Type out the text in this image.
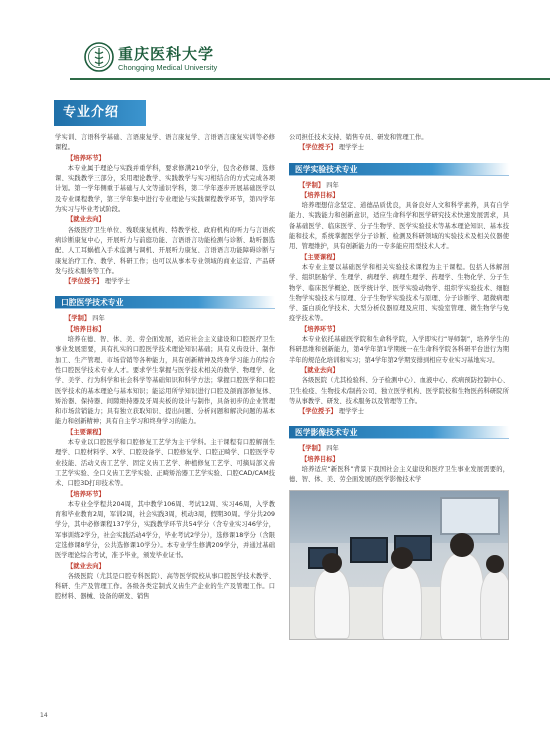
重庆医科大学
Chongqing Medical University
专业介绍

学实训、言语科学基础、言语康复学、语言康复学、言语语言康复实训等必修课程。

【培养环节】

本专业属于理论与实践并重学科，要求修满210学分，包含必修课、选修课、实践教学三部分，采用理论教学、实践教学与实习相结合的方式完成各项计划。第一学年侧重于基础与人文等通识学科，第二学年逐步开展基础医学以及专业课程教学，第三学年集中进行专业理论与实践课程教学环节，第四学年为实习与毕业考试阶段。

【就业去向】

各级医疗卫生单位、残联康复机构、特教学校、政府机构的听力与言语疾病诊断康复中心，开展听力与前庭功能、言语语言功能检测与诊断、助听器选配、人工耳蜗植入手术监测与调机、开展听力康复、言语语言功能障碍诊断与康复治疗工作、教学、科研工作；也可以从事本专业领域的商业运营、产品研发与技术服务等工作。

【学位授予】 理学学士
口腔医学技术专业
【学制】 四年
【培养目标】

培养在德、智、体、美、劳全面发展，适应社会主义建设和口腔医疗卫生事业发展需要，具有扎实的口腔医学技术理论知识基础；具有义齿设计、制作加工、生产管理、市场营销等各种能力，具有创新精神及终身学习能力的综合性口腔医学技术专业人才。要求学生掌握与医学技术相关的数学、物理学、化学、美学、行为科学和社会科学等基础知识和科学方法；掌握口腔医学和口腔医学技术的基本理论与基本知识；能运用所学知识进行口腔及颌面部修复体、矫治器、保持器、间隙维持器及牙周夹板的设计与制作，具备初步的企业管理和市场营销能力；具有独立获取知识、提出问题、分析问题和解决问题的基本能力和创新精神；具有自主学习和终身学习的能力。

【主要课程】

本专业以口腔医学和口腔修复工艺学为主干学科。主干课程有口腔解剖生理学、口腔材料学、X学、口腔设备学、口腔修复学、口腔正畸学、口腔医学专业技能、活动义齿工艺学、固定义齿工艺学、种植修复工艺学、可摘局部义齿工艺学实验、全口义齿工艺学实验、正畸矫治器工艺学实验、口腔CAD/CAM技术、口腔3D打印技术等。

【培养环节】

本专业全学程共204周，其中教学106周、考试12周、实习46周，入学教育和毕业教育2周，军训2周，社会实践3周，机动3周，假期30周。学分共209学分，其中必修课程137学分，实践教学环节共54学分（含专业实习46学分，军事训练2学分，社会实践活动4学分，毕业考试2学分），选修课18学分（含限定选修课8学分，公共选修课10学分）。本专业学生修满209学分，并通过基础医学理论综合考试，准予毕业，颁发毕业证书。

【就业去向】

各级医院（尤其是口腔专科医院）、高等医学院校从事口腔医学技术教学、科研、生产及管理工作。各级各类定制式义齿生产企业的生产及管理工作。口腔材料、器械、设备的研发、销售

公司担任技术支持、销售专员、研发和管理工作。

【学位授予】 理学学士
医学实验技术专业
【学制】 四年
【培养目标】

培养理想信念坚定、道德品质优良，具备良好人文和科学素养，具有自学能力、实践能力和创新意识，适应生命科学和医学研究技术快速发展需求，具备基础医学、临床医学、分子生物学、医学实验技术等基本理论知识、基本技能和技术，系统掌握医学分子诊断、检测及科研领域的实验技术及相关仪器使用、管理维护，具有创新能力的一专多能应用型技术人才。

【主要课程】

本专业主要以基础医学和相关实验技术课程为主干课程。包括人体解剖学、组织胚胎学、生理学、病理学、病理生理学、药理学、生物化学、分子生物学、临床医学概论、医学统计学、医学实验动物学、组织学实验技术、细胞生物学实验技术与原理、分子生物学实验技术与原理、分子诊断学、超微病理学、蛋白质化学技术、大型分析仪器原理及应用、实验室管理、微生物学与免疫学技术等。

【培养环节】

本专业依托基础医学院和生命科学院，入学即实行“导师制”，培养学生的科研思维和创新能力，第4学年第1学期统一在生命科学院各科研平台进行为期半年的规范化培训和实习；第4学年第2学期安排到相应专业实习基地实习。

【就业去向】

各级医院（尤其检验科、分子检测中心）、血液中心、疾病预防控制中心、卫生检疫、生物技术/制药公司、独立医学机构、医学院校和生物医药科研院所等从事教学、研发、技术服务以及管理等工作。

【学位授予】 理学学士
医学影像技术专业
【学制】 四年
【培养目标】

培养适应“新医科”背景下我国社会主义建设和医疗卫生事业发展需要的，德、智、体、美、劳全面发展的医学影像技术学

14
